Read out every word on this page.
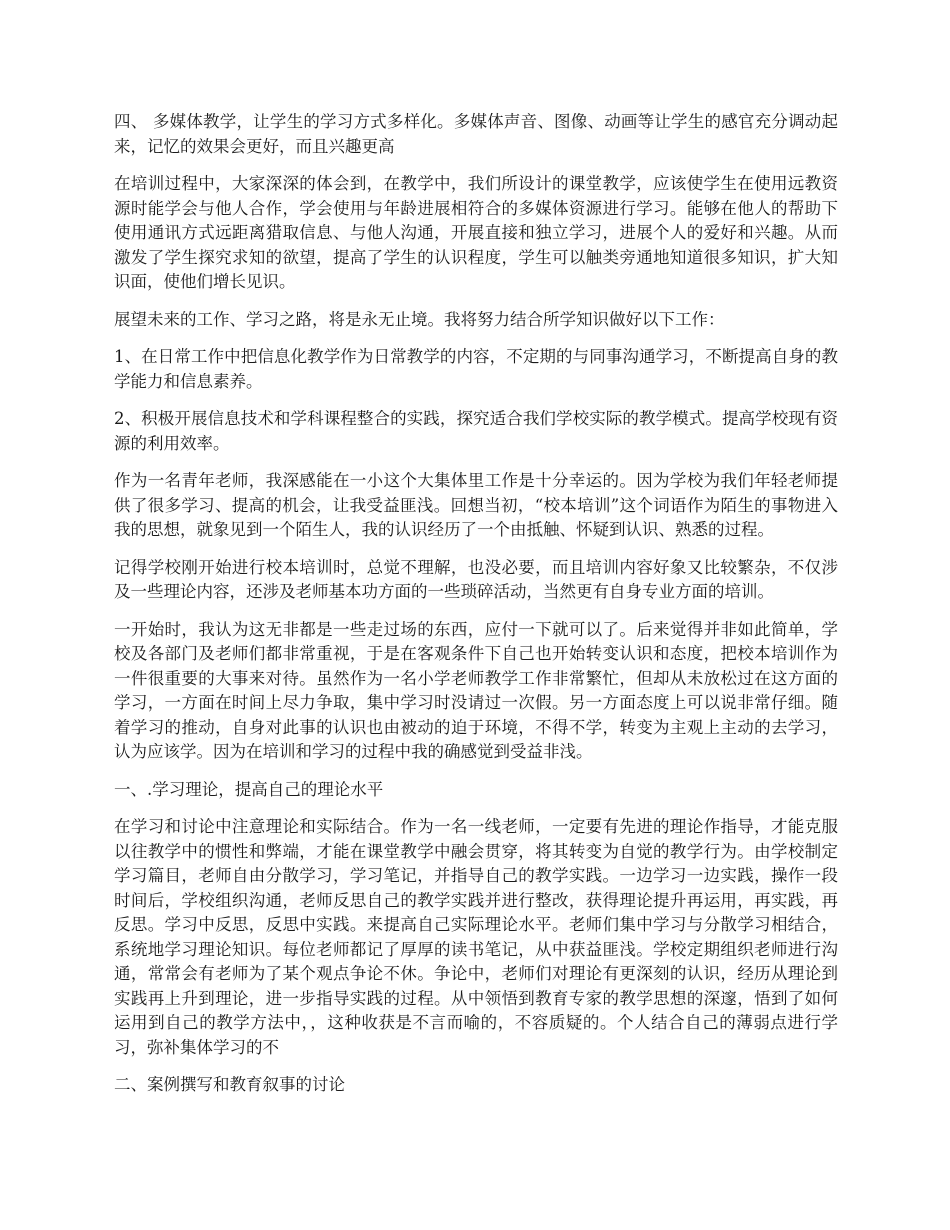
四、 多媒体教学，让学生的学习方式多样化。多媒体声音、图像、动画等让学生的感官充分调动起来，记忆的效果会更好，而且兴趣更高

在培训过程中，大家深深的体会到，在教学中，我们所设计的课堂教学，应该使学生在使用远教资源时能学会与他人合作，学会使用与年龄进展相符合的多媒体资源进行学习。能够在他人的帮助下使用通讯方式远距离猎取信息、与他人沟通，开展直接和独立学习，进展个人的爱好和兴趣。从而激发了学生探究求知的欲望，提高了学生的认识程度，学生可以触类旁通地知道很多知识，扩大知识面，使他们增长见识。

展望未来的工作、学习之路，将是永无止境。我将努力结合所学知识做好以下工作：

1、在日常工作中把信息化教学作为日常教学的内容，不定期的与同事沟通学习，不断提高自身的教学能力和信息素养。

2、积极开展信息技术和学科课程整合的实践，探究适合我们学校实际的教学模式。提高学校现有资源的利用效率。

作为一名青年老师，我深感能在一小这个大集体里工作是十分幸运的。因为学校为我们年轻老师提供了很多学习、提高的机会，让我受益匪浅。回想当初，“校本培训”这个词语作为陌生的事物进入我的思想，就象见到一个陌生人，我的认识经历了一个由抵触、怀疑到认识、熟悉的过程。

记得学校刚开始进行校本培训时，总觉不理解，也没必要，而且培训内容好象又比较繁杂，不仅涉及一些理论内容，还涉及老师基本功方面的一些琐碎活动，当然更有自身专业方面的培训。

一开始时，我认为这无非都是一些走过场的东西，应付一下就可以了。后来觉得并非如此简单，学校及各部门及老师们都非常重视，于是在客观条件下自己也开始转变认识和态度，把校本培训作为一件很重要的大事来对待。虽然作为一名小学老师教学工作非常繁忙，但却从未放松过在这方面的学习，一方面在时间上尽力争取，集中学习时没请过一次假。另一方面态度上可以说非常仔细。随着学习的推动，自身对此事的认识也由被动的迫于环境，不得不学，转变为主观上主动的去学习，认为应该学。因为在培训和学习的过程中我的确感觉到受益非浅。

一、.学习理论，提高自己的理论水平

在学习和讨论中注意理论和实际结合。作为一名一线老师，一定要有先进的理论作指导，才能克服以往教学中的惯性和弊端，才能在课堂教学中融会贯穿，将其转变为自觉的教学行为。由学校制定学习篇目，老师自由分散学习，学习笔记，并指导自己的教学实践。一边学习一边实践，操作一段时间后，学校组织沟通，老师反思自己的教学实践并进行整改，获得理论提升再运用，再实践，再反思。学习中反思，反思中实践。来提高自己实际理论水平。老师们集中学习与分散学习相结合，系统地学习理论知识。每位老师都记了厚厚的读书笔记，从中获益匪浅。学校定期组织老师进行沟通，常常会有老师为了某个观点争论不休。争论中，老师们对理论有更深刻的认识，经历从理论到实践再上升到理论，进一步指导实践的过程。从中领悟到教育专家的教学思想的深邃，悟到了如何运用到自己的教学方法中，，这种收获是不言而喻的，不容质疑的。个人结合自己的薄弱点进行学习，弥补集体学习的不

二、案例撰写和教育叙事的讨论
